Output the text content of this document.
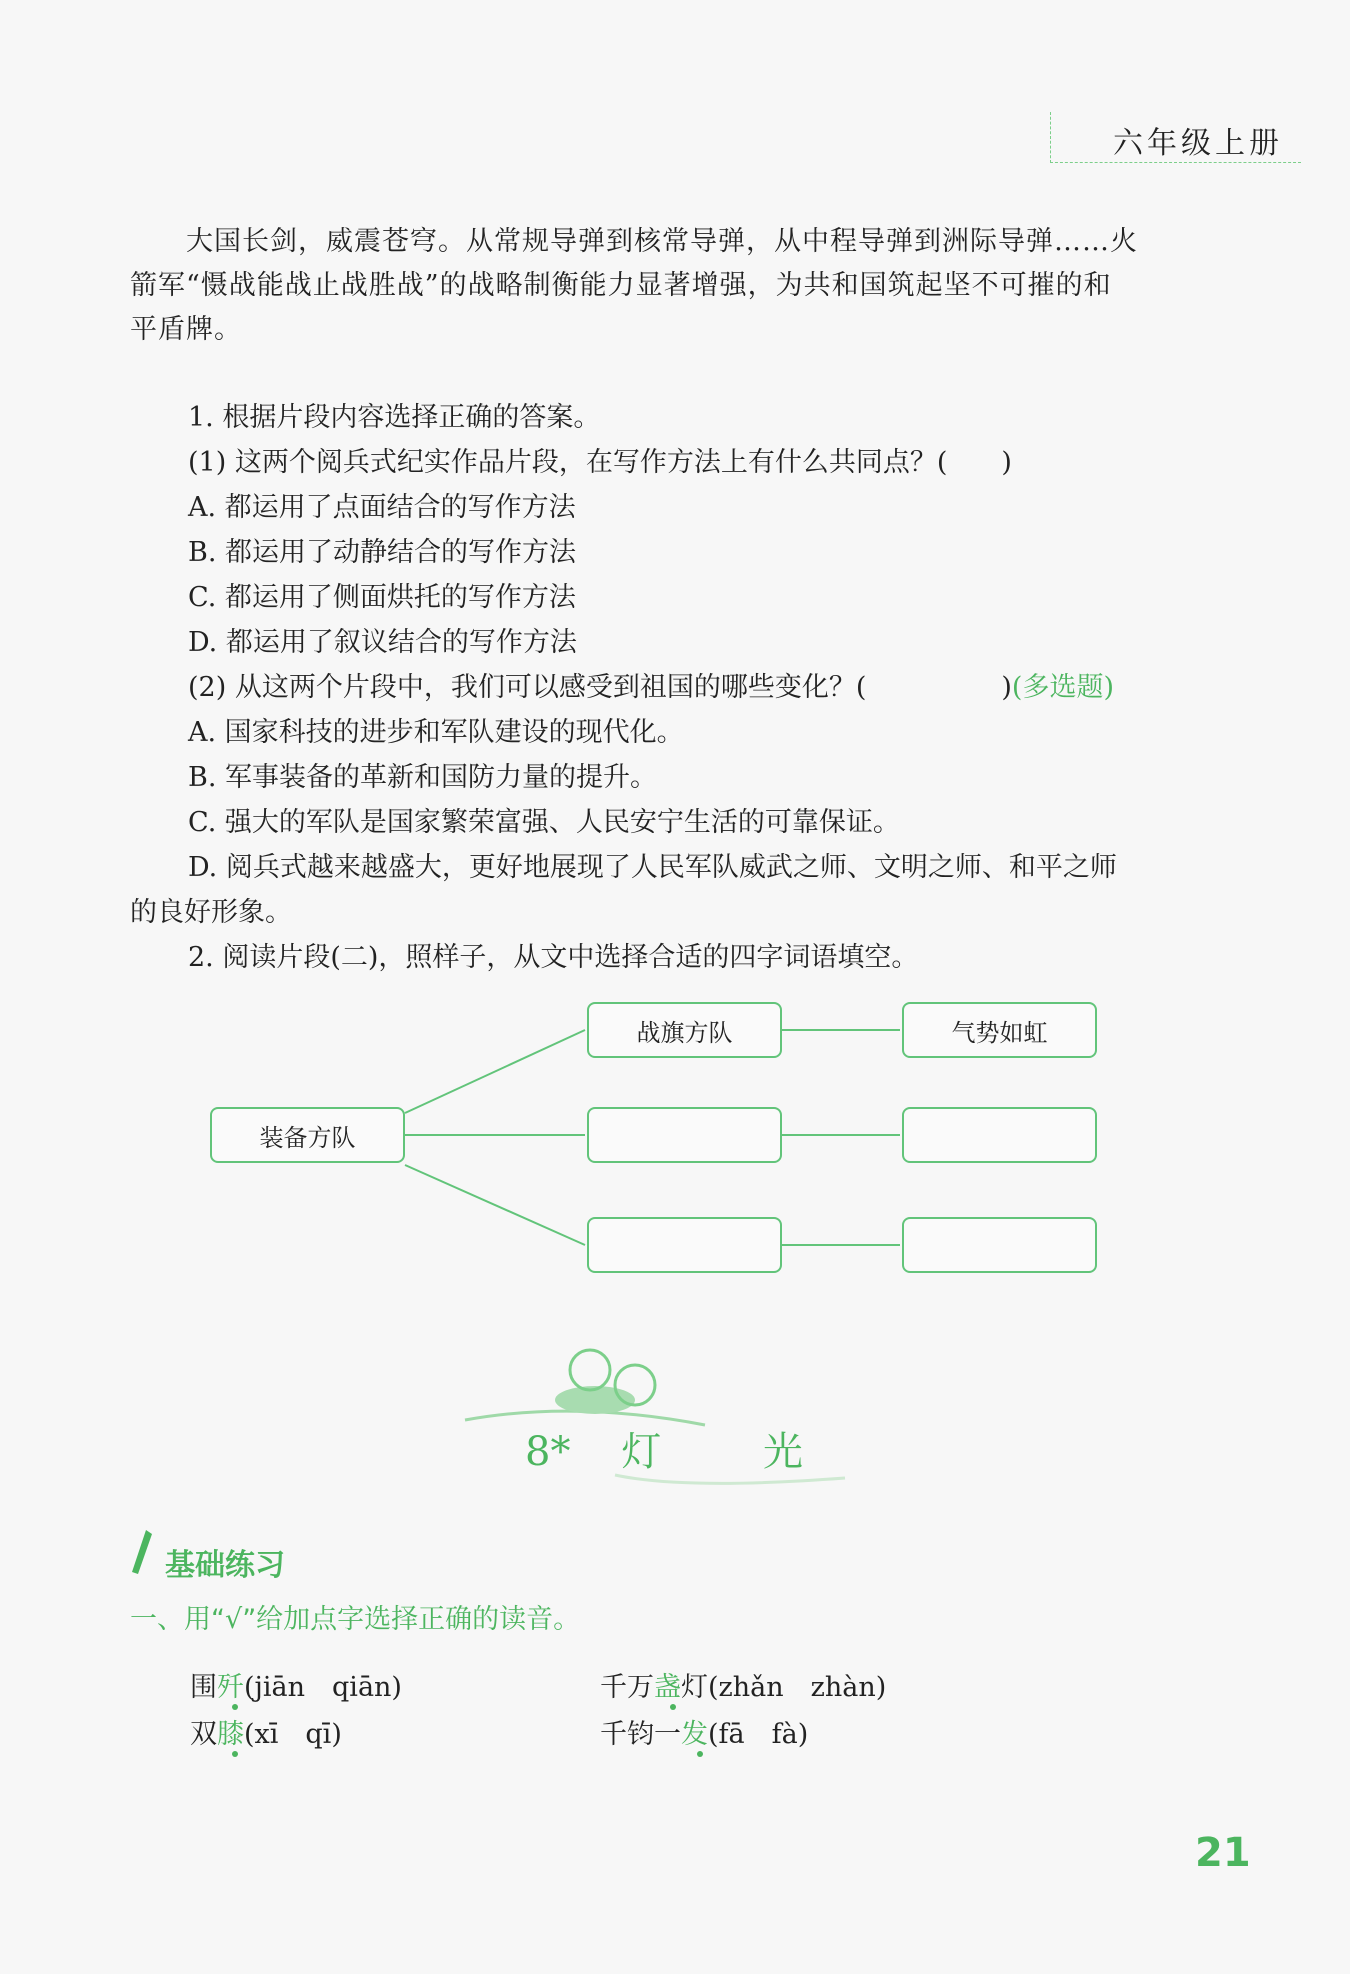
六年级上册
大国长剑，威震苍穹。从常规导弹到核常导弹，从中程导弹到洲际导弹……火
箭军“慑战能战止战胜战”的战略制衡能力显著增强，为共和国筑起坚不可摧的和
平盾牌。
1. 根据片段内容选择正确的答案。
(1) 这两个阅兵式纪实作品片段，在写作方法上有什么共同点？(　　)
A. 都运用了点面结合的写作方法
B. 都运用了动静结合的写作方法
C. 都运用了侧面烘托的写作方法
D. 都运用了叙议结合的写作方法
(2) 从这两个片段中，我们可以感受到祖国的哪些变化？(　　　　　)(多选题)
A. 国家科技的进步和军队建设的现代化。
B. 军事装备的革新和国防力量的提升。
C. 强大的军队是国家繁荣富强、人民安宁生活的可靠保证。
D. 阅兵式越来越盛大，更好地展现了人民军队威武之师、文明之师、和平之师
的良好形象。
2. 阅读片段(二)，照样子，从文中选择合适的四字词语填空。
装备方队
战旗方队	气势如虹
8* 灯	光
基础练习
一、用“√”给加点字选择正确的读音。
围歼(jiān　qiān)	千万盏灯(zhǎn　zhàn)
双膝(xī　qī)	千钧一发(fā　fà)
21
